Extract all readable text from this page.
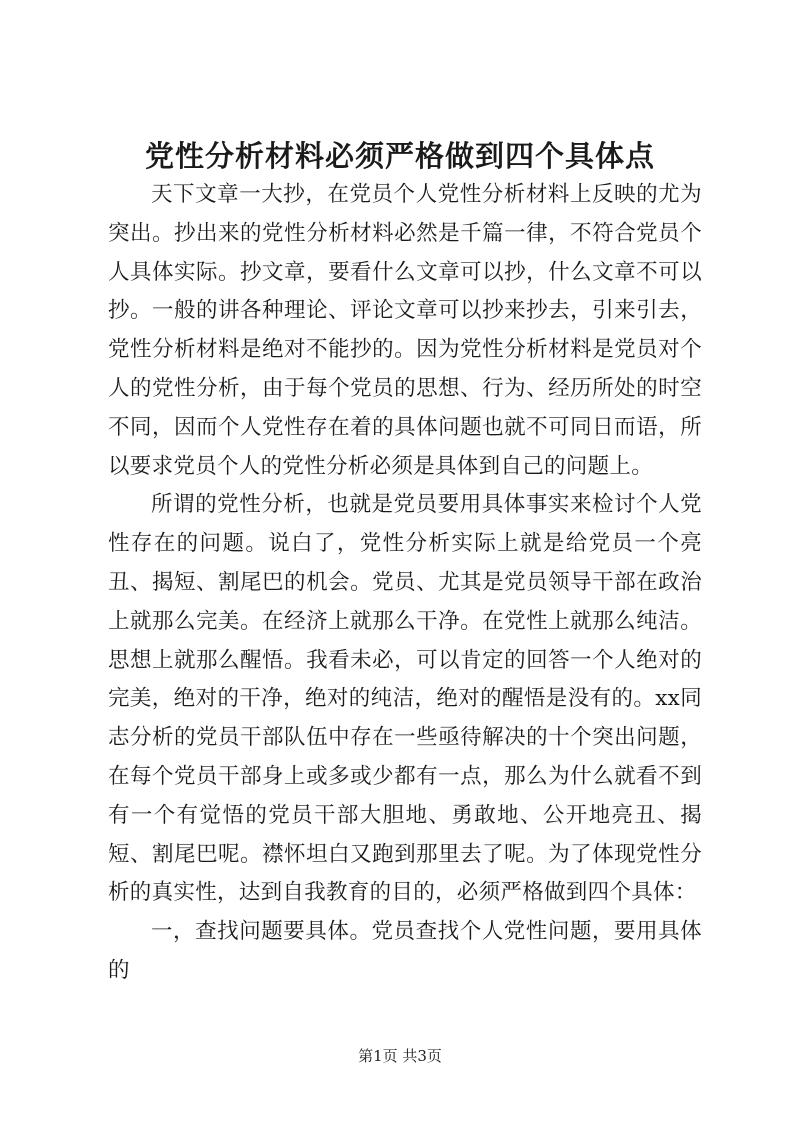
党性分析材料必须严格做到四个具体点

天下文章一大抄，在党员个人党性分析材料上反映的尤为突出。抄出来的党性分析材料必然是千篇一律，不符合党员个人具体实际。抄文章，要看什么文章可以抄，什么文章不可以抄。一般的讲各种理论、评论文章可以抄来抄去，引来引去，党性分析材料是绝对不能抄的。因为党性分析材料是党员对个人的党性分析，由于每个党员的思想、行为、经历所处的时空不同，因而个人党性存在着的具体问题也就不可同日而语，所以要求党员个人的党性分析必须是具体到自己的问题上。

所谓的党性分析，也就是党员要用具体事实来检讨个人党性存在的问题。说白了，党性分析实际上就是给党员一个亮丑、揭短、割尾巴的机会。党员、尤其是党员领导干部在政治上就那么完美。在经济上就那么干净。在党性上就那么纯洁。思想上就那么醒悟。我看未必，可以肯定的回答一个人绝对的完美，绝对的干净，绝对的纯洁，绝对的醒悟是没有的。xx同志分析的党员干部队伍中存在一些亟待解决的十个突出问题，在每个党员干部身上或多或少都有一点，那么为什么就看不到有一个有觉悟的党员干部大胆地、勇敢地、公开地亮丑、揭短、割尾巴呢。襟怀坦白又跑到那里去了呢。为了体现党性分析的真实性，达到自我教育的目的，必须严格做到四个具体：

一，查找问题要具体。党员查找个人党性问题，要用具体的

第1页 共3页
